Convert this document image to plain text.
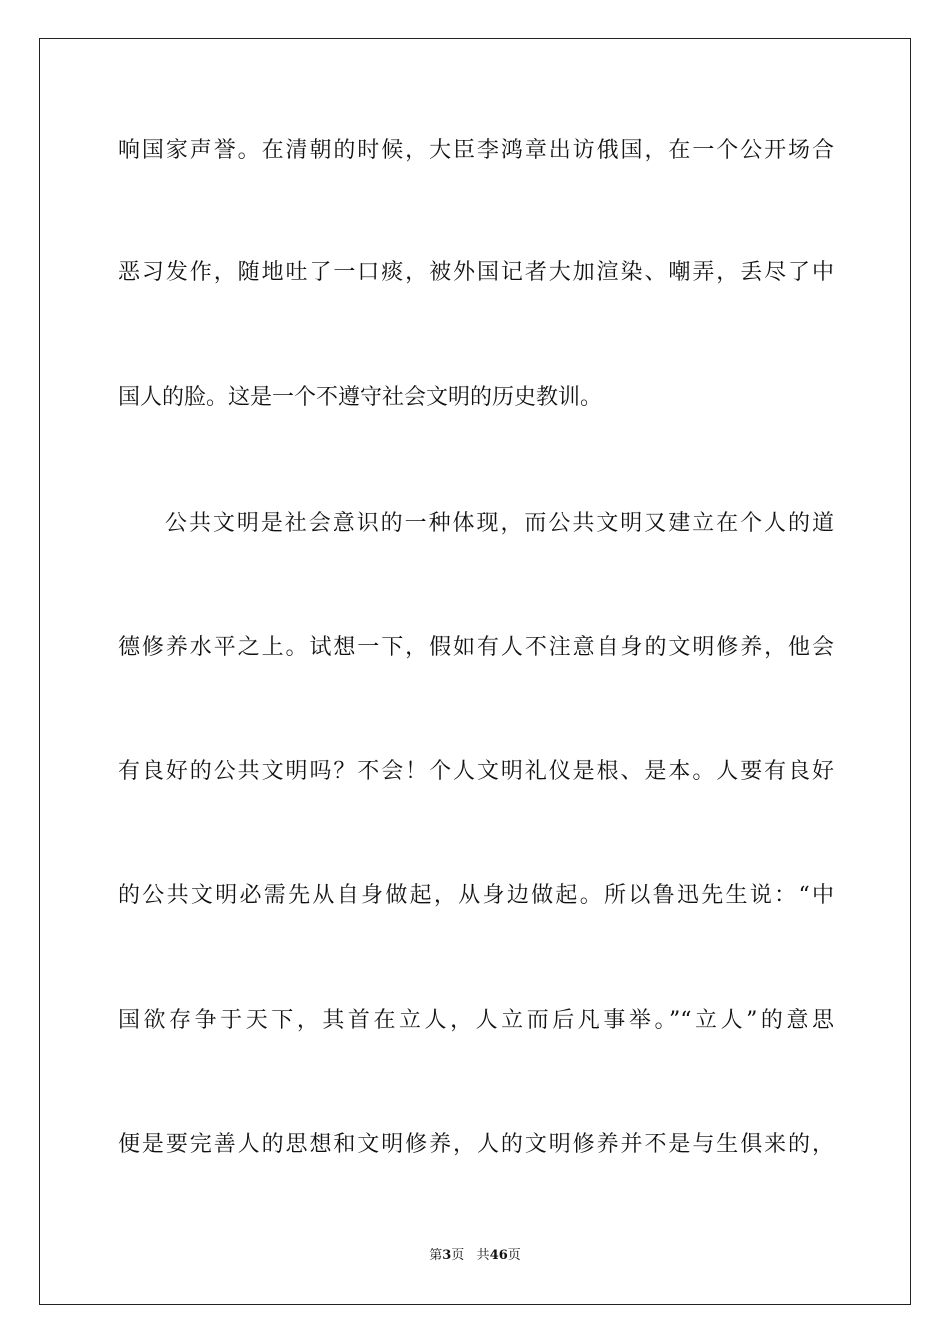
响国家声誉。在清朝的时候，大臣李鸿章出访俄国，在一个公开场合

恶习发作，随地吐了一口痰，被外国记者大加渲染、嘲弄，丢尽了中

国人的脸。这是一个不遵守社会文明的历史教训。

公共文明是社会意识的一种体现，而公共文明又建立在个人的道

德修养水平之上。试想一下，假如有人不注意自身的文明修养，他会

有良好的公共文明吗？不会！个人文明礼仪是根、是本。人要有良好

的公共文明必需先从自身做起，从身边做起。所以鲁迅先生说：“中

国欲存争于天下，其首在立人，人立而后凡事举。”“立人”的意思

便是要完善人的思想和文明修养，人的文明修养并不是与生俱来的，

第3页 共46页
